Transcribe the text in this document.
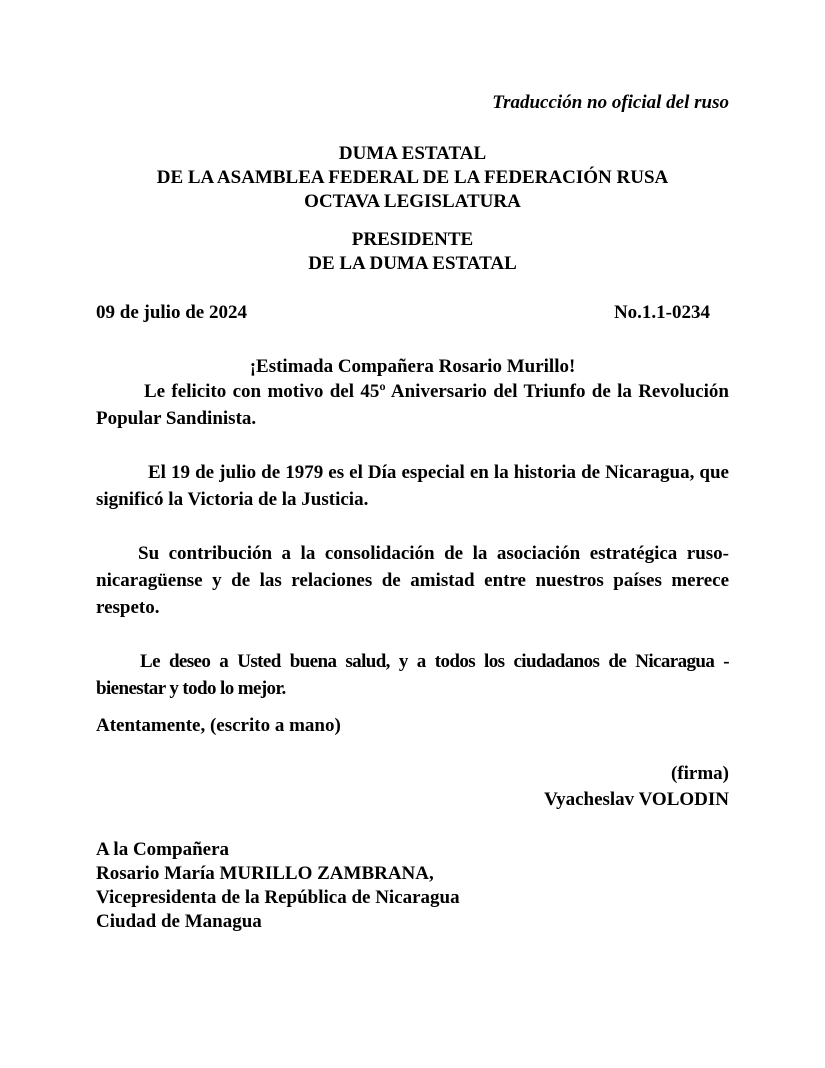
Traducción no oficial del ruso
DUMA ESTATAL
DE LA ASAMBLEA FEDERAL DE LA FEDERACIÓN RUSA
OCTAVA LEGISLATURA
PRESIDENTE
DE LA DUMA ESTATAL
09 de julio de 2024	No.1.1-0234
¡Estimada Compañera Rosario Murillo!
Le felicito con motivo del 45º Aniversario del Triunfo de la Revolución Popular Sandinista.
El 19 de julio de 1979 es el Día especial en la historia de Nicaragua, que significó la Victoria de la Justicia.
Su contribución a la consolidación de la asociación estratégica ruso-nicaragüense y de las relaciones de amistad entre nuestros países merece respeto.
Le deseo a Usted buena salud, y a todos los ciudadanos de Nicaragua - bienestar y todo lo mejor.
Atentamente, (escrito a mano)
(firma)
Vyacheslav VOLODIN
A la Compañera
Rosario María MURILLO ZAMBRANA,
Vicepresidenta de la República de Nicaragua
Ciudad de Managua
